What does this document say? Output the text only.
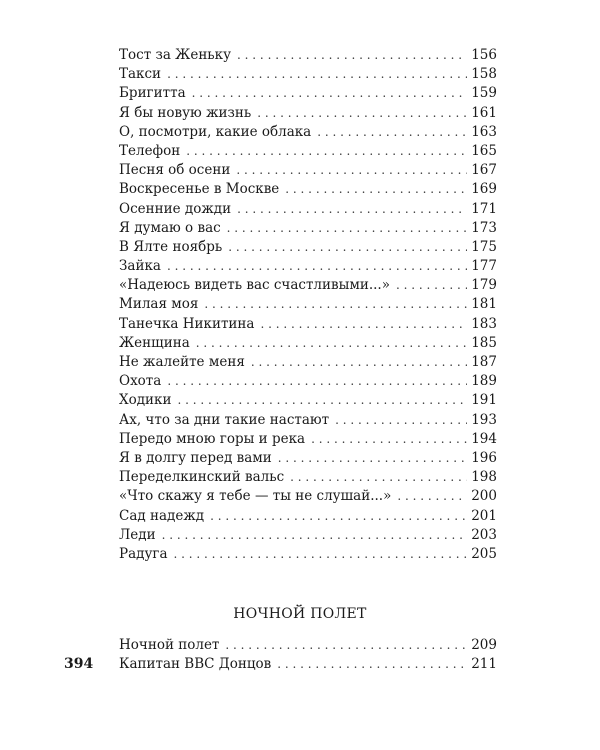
Тост за Женьку . . .	156
Такси . . .	158
Бригитта . . .	159
Я бы новую жизнь . . .	161
О, посмотри, какие облака . . .	163
Телефон . . .	165
Песня об осени . . .	167
Воскресенье в Москве . . .	169
Осенние дожди . . .	171
Я думаю о вас . . .	173
В Ялте ноябрь . . .	175
Зайка . . .	177
«Надеюсь видеть вас счастливыми...» . . .	179
Милая моя . . .	181
Танечка Никитина . . .	183
Женщина . . .	185
Не жалейте меня . . .	187
Охота . . .	189
Ходики . . .	191
Ах, что за дни такие настают . . .	193
Передо мною горы и река . . .	194
Я в долгу перед вами . . .	196
Переделкинский вальс . . .	198
«Что скажу я тебе — ты не слушай...» . . .	200
Сад надежд . . .	201
Леди . . .	203
Радуга . . .	205
НОЧНОЙ ПОЛЕТ
Ночной полет . . .	209
Капитан ВВС Донцов . . .	211
394
